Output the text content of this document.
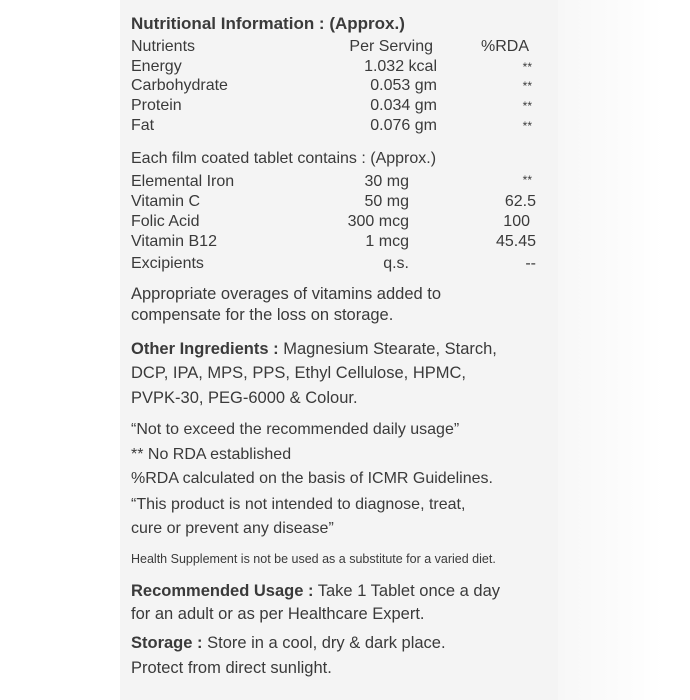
Nutritional Information : (Approx.)
Nutrients	Per Serving	%RDA
Energy	1.032 kcal	**
Carbohydrate	0.053 gm	**
Protein	0.034 gm	**
Fat	0.076 gm	**
Each film coated tablet contains : (Approx.)
Elemental Iron	30 mg	**
Vitamin C	50 mg	62.5
Folic Acid	300 mcg	100
Vitamin B12	1 mcg	45.45
Excipients	q.s.	--
Appropriate overages of vitamins added to
compensate for the loss on storage.
Other Ingredients : Magnesium Stearate, Starch,
DCP, IPA, MPS, PPS, Ethyl Cellulose, HPMC,
PVPK-30, PEG-6000 & Colour.
“Not to exceed the recommended daily usage”
** No RDA established
%RDA calculated on the basis of ICMR Guidelines.
“This product is not intended to diagnose, treat,
cure or prevent any disease”
Health Supplement is not be used as a substitute for a varied diet.
Recommended Usage : Take 1 Tablet once a day
for an adult or as per Healthcare Expert.
Storage : Store in a cool, dry & dark place.
Protect from direct sunlight.
